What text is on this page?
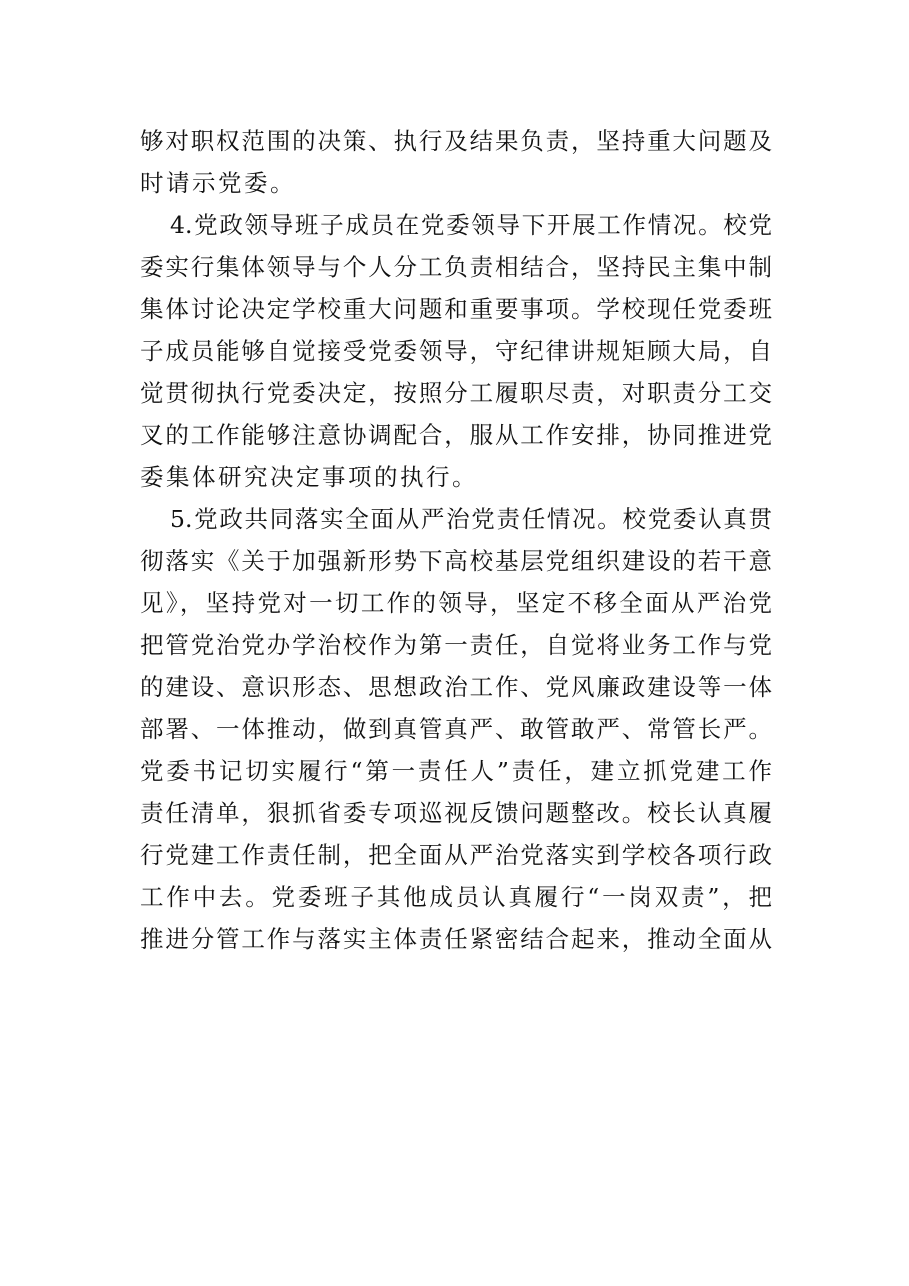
够对职权范围的决策、执行及结果负责，坚持重大问题及
时请示党委。
4.党政领导班子成员在党委领导下开展工作情况。校党
委实行集体领导与个人分工负责相结合，坚持民主集中制
集体讨论决定学校重大问题和重要事项。学校现任党委班
子成员能够自觉接受党委领导，守纪律讲规矩顾大局，自
觉贯彻执行党委决定，按照分工履职尽责，对职责分工交
叉的工作能够注意协调配合，服从工作安排，协同推进党
委集体研究决定事项的执行。
5.党政共同落实全面从严治党责任情况。校党委认真贯
彻落实《关于加强新形势下高校基层党组织建设的若干意
见》，坚持党对一切工作的领导，坚定不移全面从严治党
把管党治党办学治校作为第一责任，自觉将业务工作与党
的建设、意识形态、思想政治工作、党风廉政建设等一体
部署、一体推动，做到真管真严、敢管敢严、常管长严。
党委书记切实履行“第一责任人”责任，建立抓党建工作
责任清单，狠抓省委专项巡视反馈问题整改。校长认真履
行党建工作责任制，把全面从严治党落实到学校各项行政
工作中去。党委班子其他成员认真履行“一岗双责”，把
推进分管工作与落实主体责任紧密结合起来，推动全面从
